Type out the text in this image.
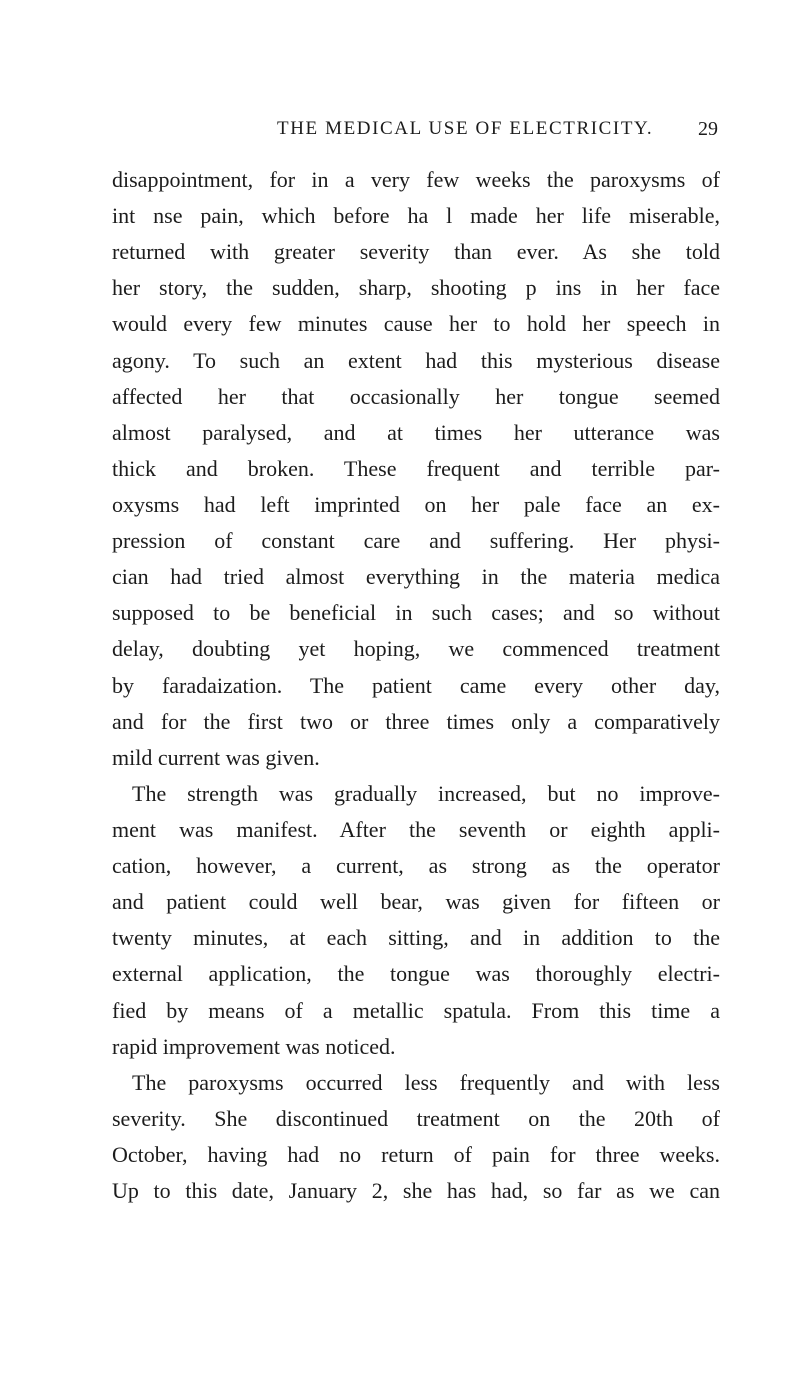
THE MEDICAL USE OF ELECTRICITY. 29
disappointment, for in a very few weeks the paroxysms of
int nse pain, which before ha l made her life miserable,
returned with greater severity than ever. As she told
her story, the sudden, sharp, shooting p ins in her face
would every few minutes cause her to hold her speech in
agony. To such an extent had this mysterious disease
affected her that occasionally her tongue seemed
almost paralysed, and at times her utterance was
thick and broken. These frequent and terrible par-
oxysms had left imprinted on her pale face an ex-
pression of constant care and suffering. Her physi-
cian had tried almost everything in the materia medica
supposed to be beneficial in such cases; and so without
delay, doubting yet hoping, we commenced treatment
by faradaization. The patient came every other day,
and for the first two or three times only a comparatively
mild current was given.
The strength was gradually increased, but no improve-
ment was manifest. After the seventh or eighth appli-
cation, however, a current, as strong as the operator
and patient could well bear, was given for fifteen or
twenty minutes, at each sitting, and in addition to the
external application, the tongue was thoroughly electri-
fied by means of a metallic spatula. From this time a
rapid improvement was noticed.
The paroxysms occurred less frequently and with less
severity. She discontinued treatment on the 20th of
October, having had no return of pain for three weeks.
Up to this date, January 2, she has had, so far as we can
